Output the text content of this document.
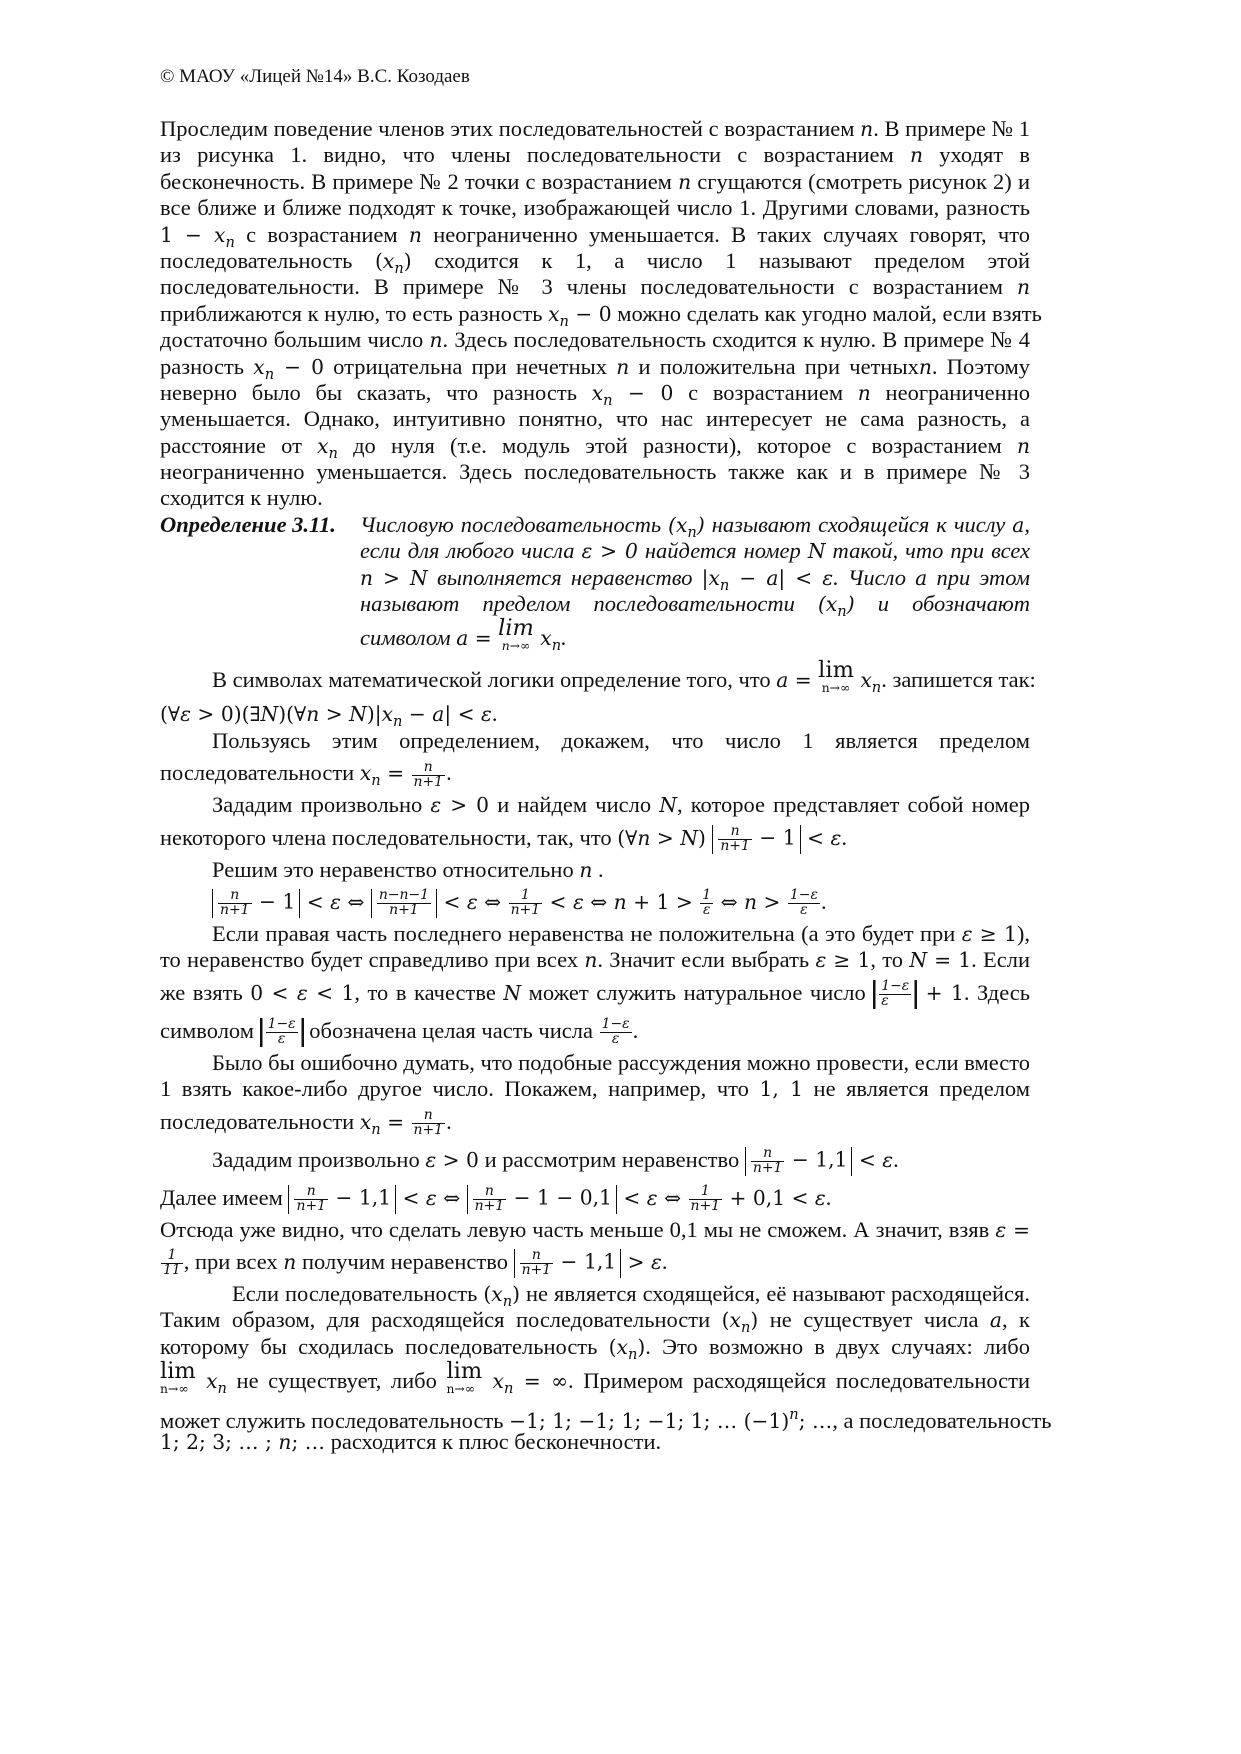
© МАОУ «Лицей №14» В.С. Козодаев
Проследим поведение членов этих последовательностей с возрастанием n. В примере № 1
из рисунка 1. видно, что члены последовательности с возрастанием n уходят в
бесконечность. В примере № 2 точки с возрастанием n сгущаются (смотреть рисунок 2) и
все ближе и ближе подходят к точке, изображающей число 1. Другими словами, разность
$1 - x_n$ с возрастанием n неограниченно уменьшается. В таких случаях говорят, что
последовательность $(x_n)$ сходится к 1, а число 1 называют пределом этой
последовательности. В примере № 3 члены последовательности с возрастанием n
приближаются к нулю, то есть разность $x_n - 0$ можно сделать как угодно малой, если взять
достаточно большим число n. Здесь последовательность сходится к нулю. В примере № 4
разность $x_n - 0$ отрицательна при нечетных n и положительна при четныхn. Поэтому
неверно было бы сказать, что разность $x_n - 0$ с возрастанием n неограниченно
уменьшается. Однако, интуитивно понятно, что нас интересует не сама разность, а
расстояние от $x_n$ до нуля (т.е. модуль этой разности), которое с возрастанием n
неограниченно уменьшается. Здесь последовательность также как и в примере № 3
сходится к нулю.
Определение 3.11. Числовую последовательность $(x_n)$ называют сходящейся к числу a,
если для любого числа ε > 0 найдется номер N такой, что при всех
n > N выполняется неравенство $|x_n - a| < \varepsilon$. Число a при этом
называют пределом последовательности $(x_n)$ и обозначают
символом a = lim
n→∞ $x_n$.
В символах математической логики определение того, что a = lim
n→∞ $x_n$. запишется так:
(∀ε > 0)(∃N)(∀n > $N)|x_n - a| < \varepsilon$.
Пользуясь этим определением, докажем, что число 1 является пределом
последовательности $x_n = \frac{n}{n+1}$ .
Зададим произвольно ε > 0 и найдем число N, которое представляет собой номер
некоторого члена последовательности, так, что (∀n > $N) \frac{n}{n+1} - 1 < \varepsilon$.
Решим это неравенство относительно n .
$\frac{n}{n+1} - 1 < \varepsilon$ ⇔ $\frac{n-n-1}{n+1} < \varepsilon$ ⇔ $\frac{1}{n+1} < \varepsilon$ ⇔ $n + 1 > \frac{1}{\varepsilon}$ ⇔ $n > \frac{1-\varepsilon}{\varepsilon}$ .
Если правая часть последнего неравенства не положительна (а это будет при ε ≥ 1),
то неравенство будет справедливо при всех n. Значит если выбрать ε ≥ 1, то N = 1. Если
же взять 0 < ε < 1, то в качестве N может служить натуральное число $\frac{1-\varepsilon}{\varepsilon} + 1$. Здесь
символом $\frac{1-\varepsilon}{\varepsilon}$ обозначена целая часть числа $\frac{1-\varepsilon}{\varepsilon}$ .
Было бы ошибочно думать, что подобные рассуждения можно провести, если вместо
1 взять какое-либо другое число. Покажем, например, что 1, 1 не является пределом
последовательности $x_n = \frac{n}{n+1}$ .
Зададим произвольно ε > 0 и рассмотрим неравенство $\frac{n}{n+1} - 1,1 < \varepsilon$.
Далее имеем $\frac{n}{n+1} - 1,1 < \varepsilon$ ⇔ $\frac{n}{n+1} - 1 - 0,1 < \varepsilon$ ⇔ $\frac{1}{n+1} + 0,1 < \varepsilon$.
Отсюда уже видно, что сделать левую часть меньше 0,1 мы не сможем. А значит, взяв ε =
$\frac{1}{11}$ , при всех n получим неравенство $\frac{n}{n+1} - 1,1 > \varepsilon$.
Если последовательность $(x_n)$ не является сходящейся, её называют расходящейся.
Таким образом, для расходящейся последовательности $(x_n)$ не существует числа a, к
которому бы сходилась последовательность $(x_n)$. Это возможно в двух случаях: либо
lim
n→∞ $x_n$ не существует, либо lim
n→∞ $x_n$ = ∞. Примером расходящейся последовательности
может служить последовательность −1; 1; −1; 1; −1; 1; … $(-1)^n$; …, а последовательность
1; 2; 3; … ; n; … расходится к плюс бесконечности.
